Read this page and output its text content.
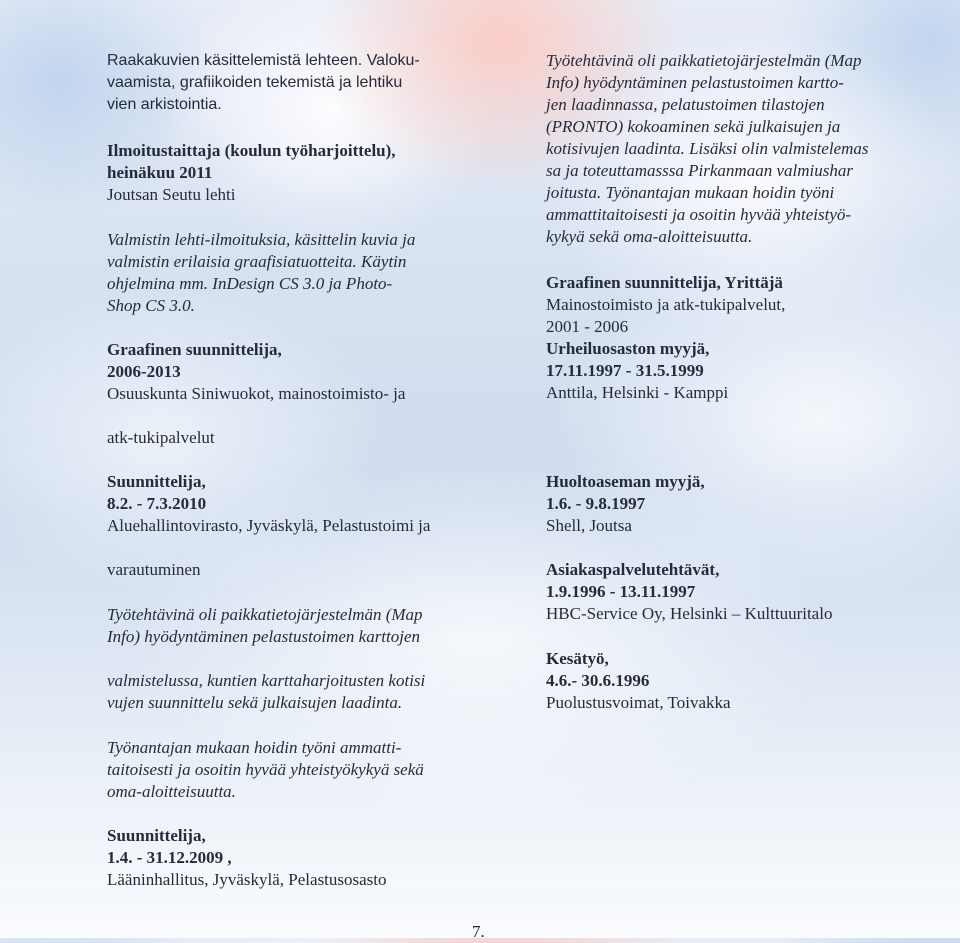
Raakakuvien käsittelemistä lehteen. Valoku-
vaamista, grafiikoiden tekemistä ja lehtiku
vien arkistointia.
Ilmoitustaittaja (koulun työharjoittelu),
heinäkuu 2011
Joutsan Seutu lehti
Valmistin lehti-ilmoituksia, käsittelin kuvia ja
valmistin erilaisia graafisiatuotteita. Käytin
ohjelmina mm. InDesign CS 3.0 ja Photo-
Shop CS 3.0.
Graafinen suunnittelija,
2006-2013
Osuuskunta Siniwuokot, mainostoimisto- ja
atk-tukipalvelut
Suunnittelija,
8.2. - 7.3.2010
Aluehallintovirasto, Jyväskylä, Pelastustoimi ja
varautuminen
Työtehtävinä oli paikkatietojärjestelmän (Map
Info) hyödyntäminen pelastustoimen karttojen
valmistelussa, kuntien karttaharjoitusten kotisi
vujen suunnittelu sekä julkaisujen laadinta.
Työnantajan mukaan hoidin työni ammatti-
taitoisesti ja osoitin hyvää yhteistyökykyä sekä
oma-aloitteisuutta.
Suunnittelija,
1.4. - 31.12.2009 ,
Lääninhallitus, Jyväskylä, Pelastusosasto
Työtehtävinä oli paikkatietojärjestelmän (Map
Info) hyödyntäminen pelastustoimen kartto-
jen laadinnassa, pelatustoimen tilastojen
(PRONTO) kokoaminen sekä julkaisujen ja
kotisivujen laadinta. Lisäksi olin valmistelemas
sa ja toteuttamasssa Pirkanmaan valmiushar
joitusta. Työnantajan mukaan hoidin työni
ammattitaitoisesti ja osoitin hyvää yhteistyö-
kykyä sekä oma-aloitteisuutta.
Graafinen suunnittelija, Yrittäjä
Mainostoimisto ja atk-tukipalvelut,
2001 - 2006
Urheiluosaston myyjä,
17.11.1997 - 31.5.1999
Anttila, Helsinki - Kamppi
Huoltoaseman myyjä,
1.6. - 9.8.1997
Shell, Joutsa
Asiakaspalvelutehtävät,
1.9.1996 - 13.11.1997
HBC-Service Oy, Helsinki – Kulttuuritalo
Kesätyö,
4.6.- 30.6.1996
Puolustusvoimat, Toivakka
7.
